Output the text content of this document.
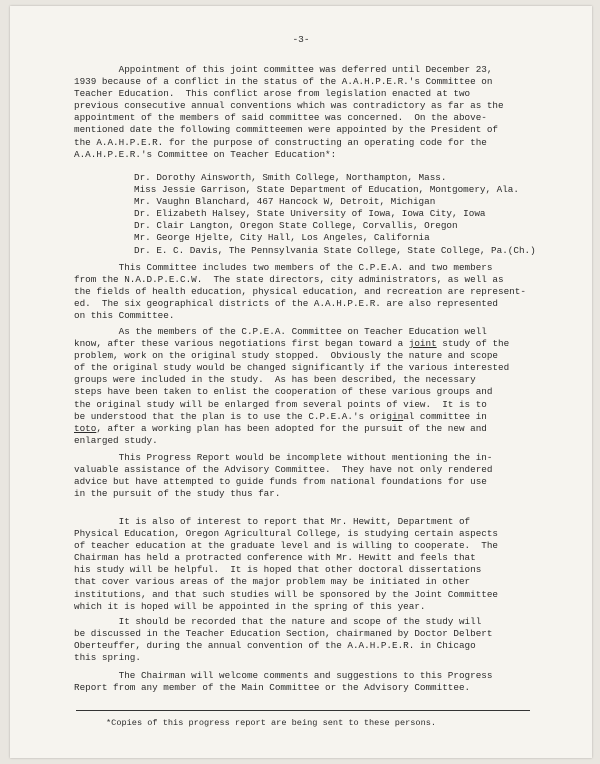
-3-
Appointment of this joint committee was deferred until December 23,
1939 because of a conflict in the status of the A.A.H.P.E.R.'s Committee on
Teacher Education.  This conflict arose from legislation enacted at two
previous consecutive annual conventions which was contradictory as far as the
appointment of the members of said committee was concerned.  On the above-
mentioned date the following committeemen were appointed by the President of
the A.A.H.P.E.R. for the purpose of constructing an operating code for the
A.A.H.P.E.R.'s Committee on Teacher Education*:
Dr. Dorothy Ainsworth, Smith College, Northampton, Mass.
Miss Jessie Garrison, State Department of Education, Montgomery, Ala.
Mr. Vaughn Blanchard, 467 Hancock W, Detroit, Michigan
Dr. Elizabeth Halsey, State University of Iowa, Iowa City, Iowa
Dr. Clair Langton, Oregon State College, Corvallis, Oregon
Mr. George Hjelte, City Hall, Los Angeles, California
Dr. E. C. Davis, The Pennsylvania State College, State College, Pa.(Ch.)
This Committee includes two members of the C.P.E.A. and two members
from the N.A.D.P.E.C.W.  The state directors, city administrators, as well as
the fields of health education, physical education, and recreation are represent-
ed.  The six geographical districts of the A.A.H.P.E.R. are also represented
on this Committee.
As the members of the C.P.E.A. Committee on Teacher Education well
know, after these various negotiations first began toward a joint study of the
problem, work on the original study stopped.  Obviously the nature and scope
of the original study would be changed significantly if the various interested
groups were included in the study.  As has been described, the necessary
steps have been taken to enlist the cooperation of these various groups and
the original study will be enlarged from several points of view.  It is to
be understood that the plan is to use the C.P.E.A.'s original committee in
toto, after a working plan has been adopted for the pursuit of the new and
enlarged study.
This Progress Report would be incomplete without mentioning the in-
valuable assistance of the Advisory Committee.  They have not only rendered
advice but have attempted to guide funds from national foundations for use
in the pursuit of the study thus far.
It is also of interest to report that Mr. Hewitt, Department of
Physical Education, Oregon Agricultural College, is studying certain aspects
of teacher education at the graduate level and is willing to cooperate.  The
Chairman has held a protracted conference with Mr. Hewitt and feels that
his study will be helpful.  It is hoped that other doctoral dissertations
that cover various areas of the major problem may be initiated in other
institutions, and that such studies will be sponsored by the Joint Committee
which it is hoped will be appointed in the spring of this year.
It should be recorded that the nature and scope of the study will
be discussed in the Teacher Education Section, chairmaned by Doctor Delbert
Oberteuffer, during the annual convention of the A.A.H.P.E.R. in Chicago
this spring.
The Chairman will welcome comments and suggestions to this Progress
Report from any member of the Main Committee or the Advisory Committee.
*Copies of this progress report are being sent to these persons.
